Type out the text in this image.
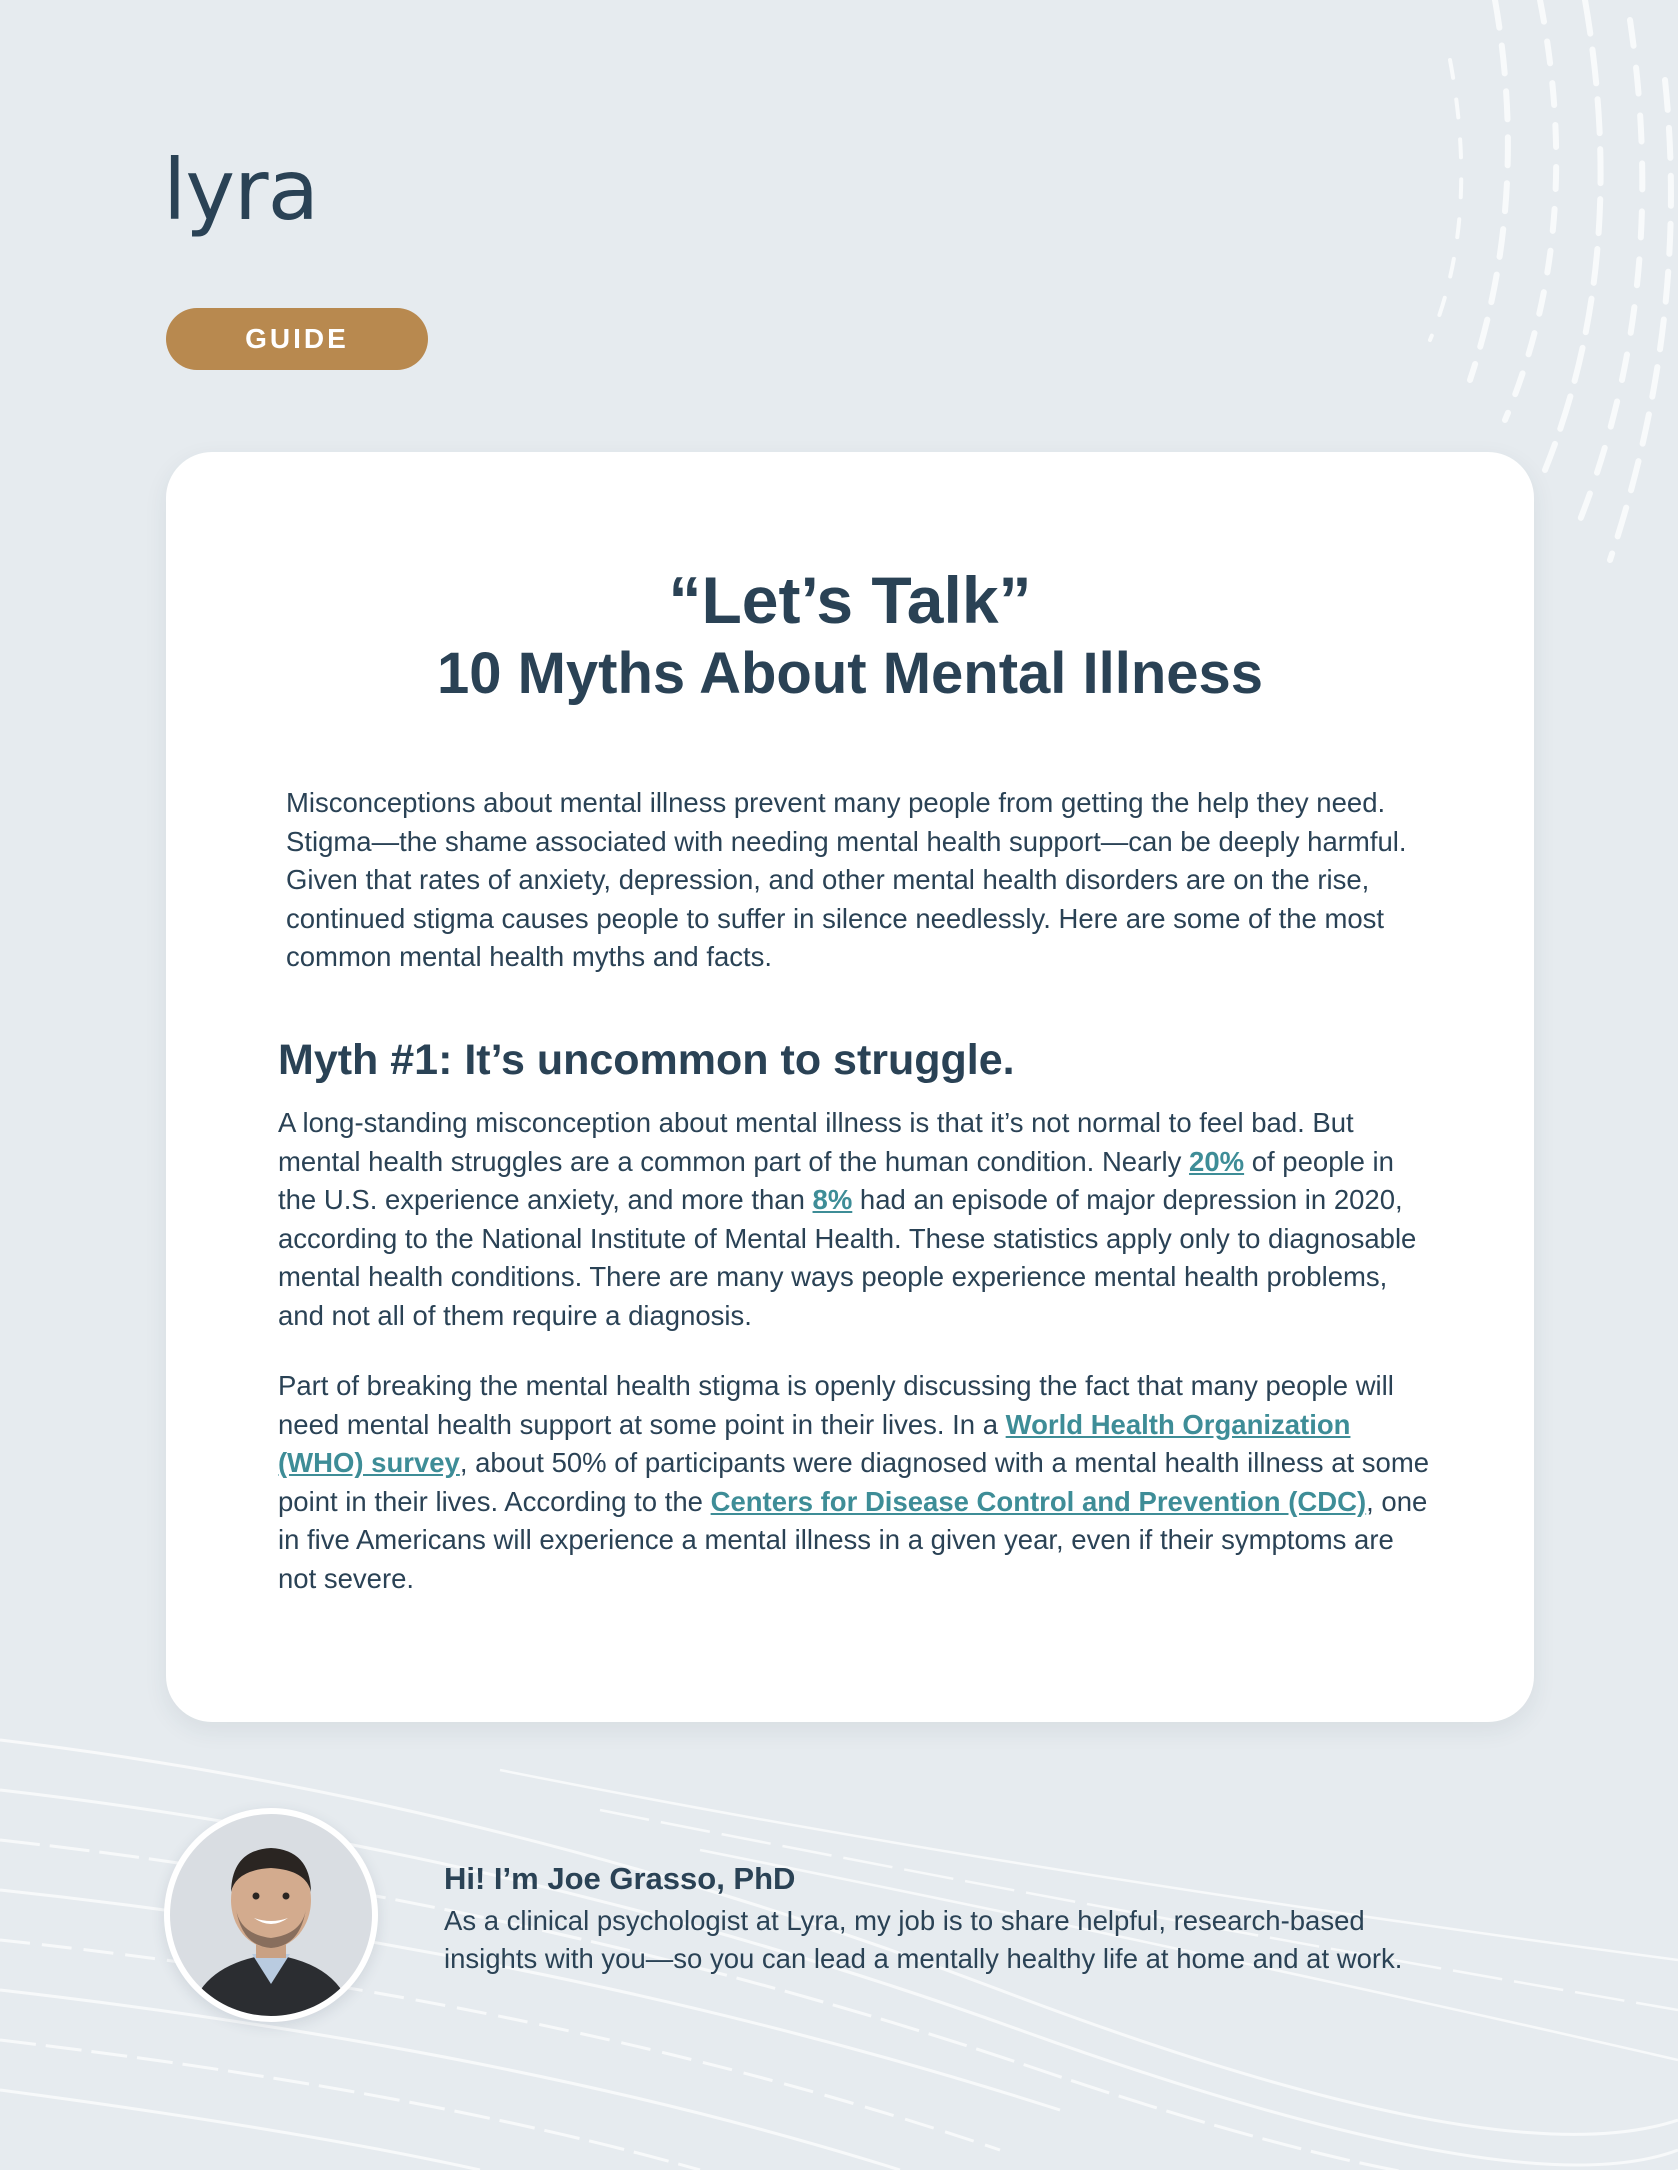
lyra
GUIDE
“Let’s Talk”
10 Myths About Mental Illness

Misconceptions about mental illness prevent many people from getting the help they need. Stigma—the shame associated with needing mental health support—can be deeply harmful. Given that rates of anxiety, depression, and other mental health disorders are on the rise, continued stigma causes people to suffer in silence needlessly. Here are some of the most common mental health myths and facts.

Myth #1: It’s uncommon to struggle.

A long-standing misconception about mental illness is that it’s not normal to feel bad. But mental health struggles are a common part of the human condition. Nearly 20% of people in the U.S. experience anxiety, and more than 8% had an episode of major depression in 2020, according to the National Institute of Mental Health. These statistics apply only to diagnosable mental health conditions. There are many ways people experience mental health problems, and not all of them require a diagnosis.

Part of breaking the mental health stigma is openly discussing the fact that many people will need mental health support at some point in their lives. In a World Health Organization (WHO) survey, about 50% of participants were diagnosed with a mental health illness at some point in their lives. According to the Centers for Disease Control and Prevention (CDC), one in five Americans will experience a mental illness in a given year, even if their symptoms are not severe.

Hi! I’m Joe Grasso, PhD

As a clinical psychologist at Lyra, my job is to share helpful, research-based insights with you—so you can lead a mentally healthy life at home and at work.
